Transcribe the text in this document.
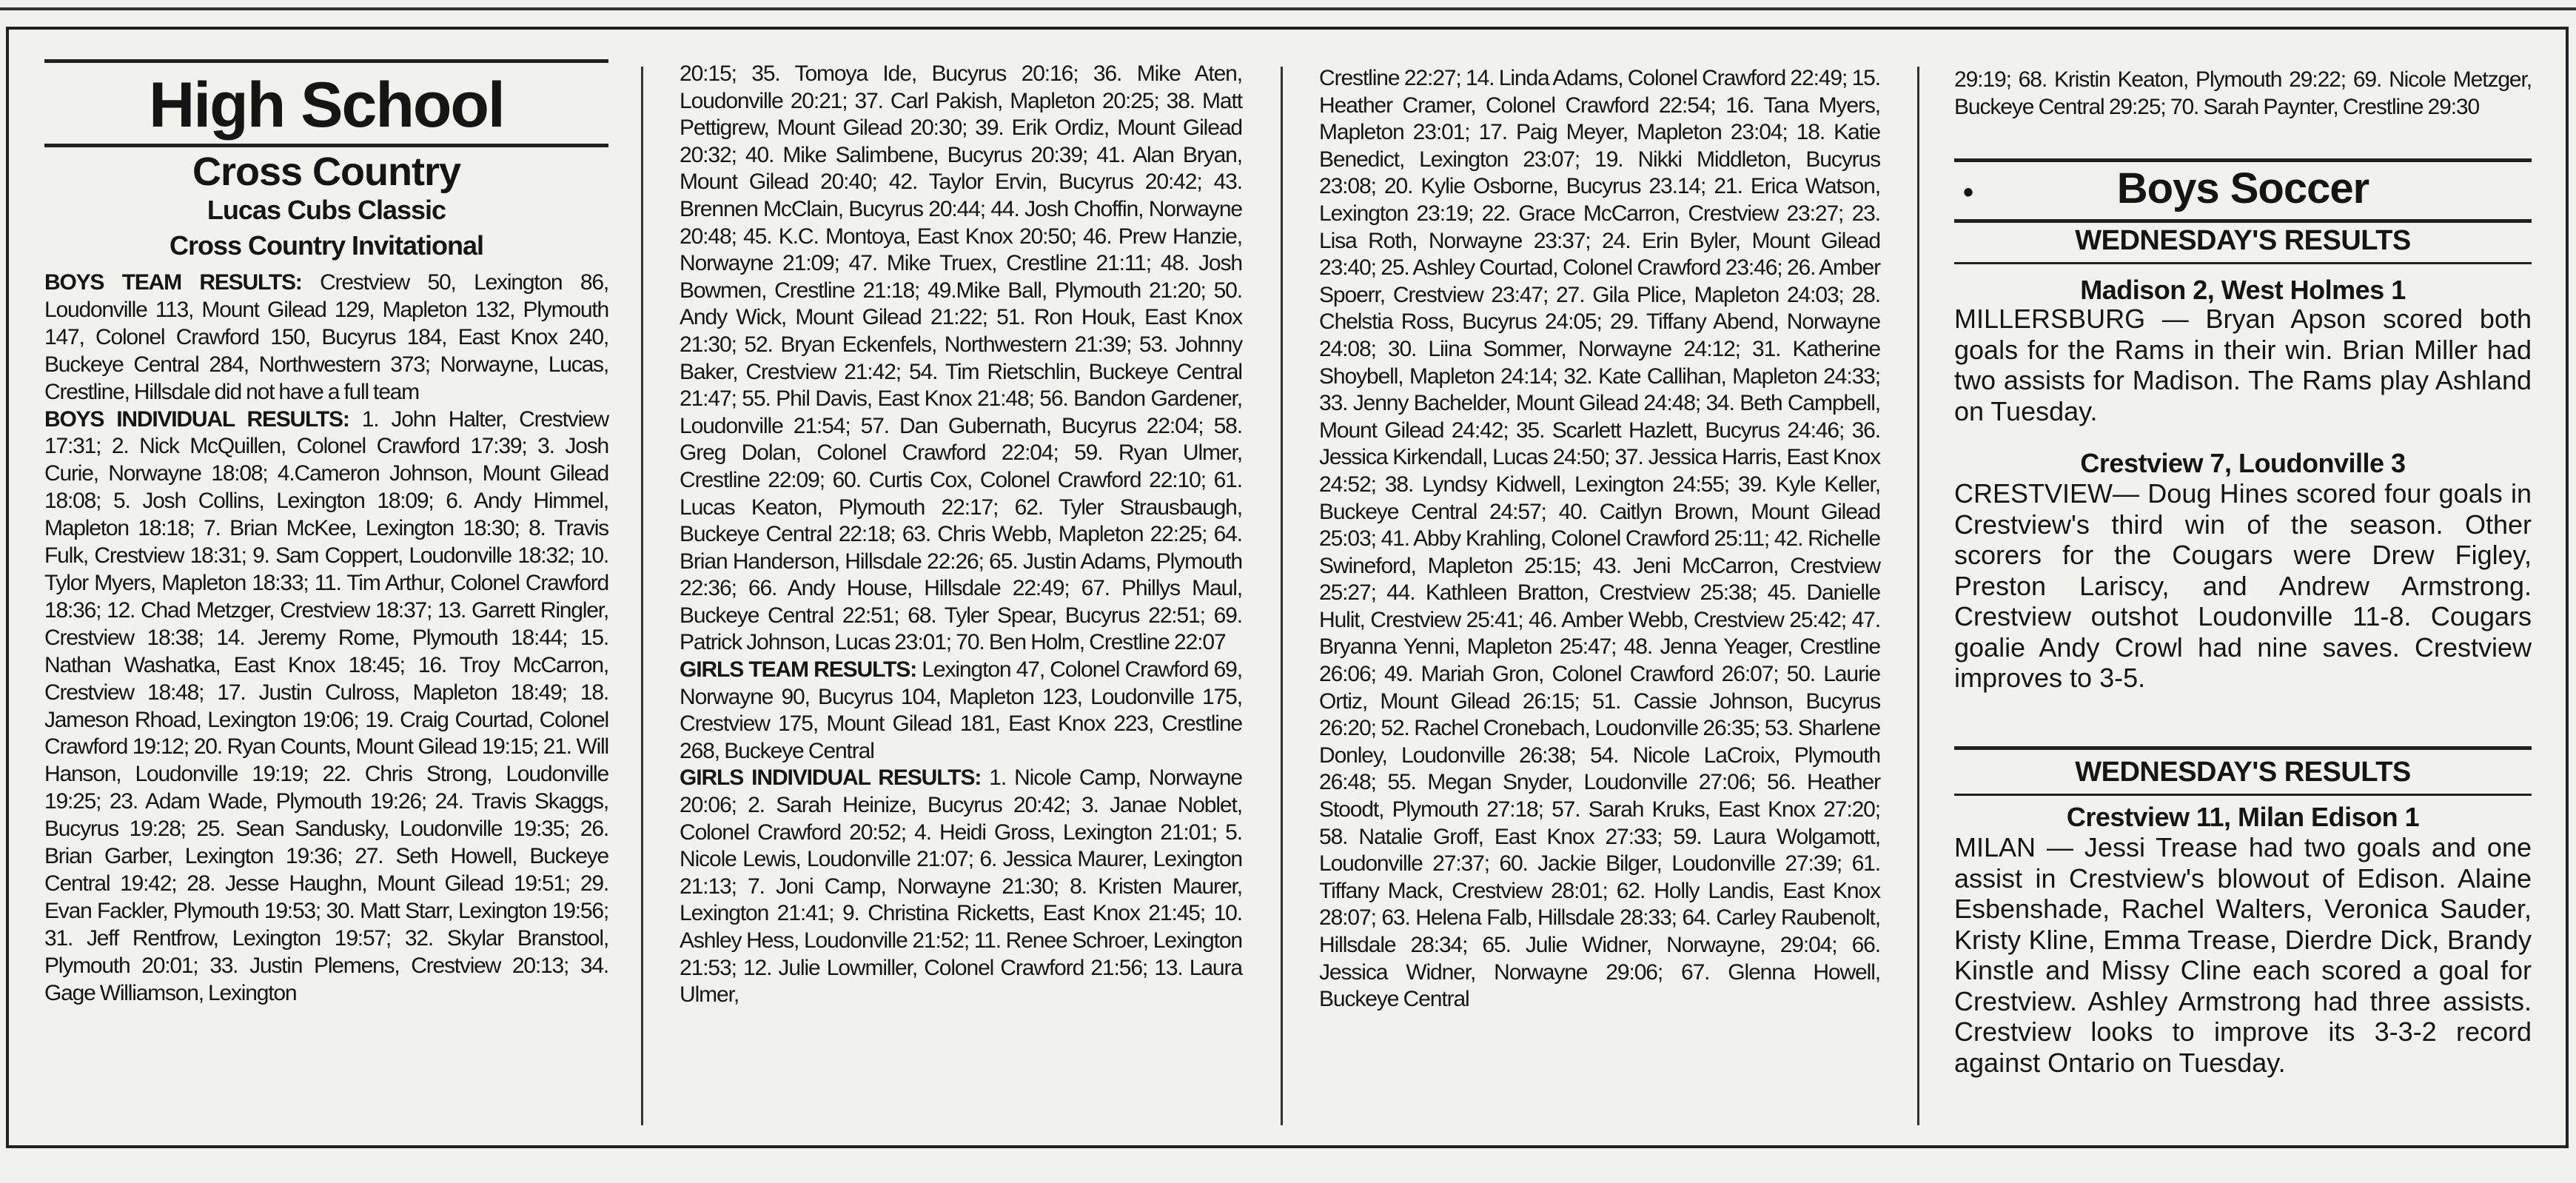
High School
Cross Country
Lucas Cubs Classic
Cross Country Invitational
BOYS TEAM RESULTS: Crestview 50, Lexington 86, Loudonville 113, Mount Gilead 129, Mapleton 132, Plymouth 147, Colonel Crawford 150, Bucyrus 184, East Knox 240, Buckeye Central 284, Northwestern 373; Norwayne, Lucas, Crestline, Hillsdale did not have a full team
BOYS INDIVIDUAL RESULTS: 1. John Halter, Crestview 17:31; 2. Nick McQuillen, Colonel Crawford 17:39; 3. Josh Curie, Norwayne 18:08; 4.Cameron Johnson, Mount Gilead 18:08; 5. Josh Collins, Lexington 18:09; 6. Andy Himmel, Mapleton 18:18; 7. Brian McKee, Lexington 18:30; 8. Travis Fulk, Crestview 18:31; 9. Sam Coppert, Loudonville 18:32; 10. Tylor Myers, Mapleton 18:33; 11. Tim Arthur, Colonel Crawford 18:36; 12. Chad Metzger, Crestview 18:37; 13. Garrett Ringler, Crestview 18:38; 14. Jeremy Rome, Plymouth 18:44; 15. Nathan Washatka, East Knox 18:45; 16. Troy McCarron, Crestview 18:48; 17. Justin Culross, Mapleton 18:49; 18. Jameson Rhoad, Lexington 19:06; 19. Craig Courtad, Colonel Crawford 19:12; 20. Ryan Counts, Mount Gilead 19:15; 21. Will Hanson, Loudonville 19:19; 22. Chris Strong, Loudonville 19:25; 23. Adam Wade, Plymouth 19:26; 24. Travis Skaggs, Bucyrus 19:28; 25. Sean Sandusky, Loudonville 19:35; 26. Brian Garber, Lexington 19:36; 27. Seth Howell, Buckeye Central 19:42; 28. Jesse Haughn, Mount Gilead 19:51; 29. Evan Fackler, Plymouth 19:53; 30. Matt Starr, Lexington 19:56; 31. Jeff Rentfrow, Lexington 19:57; 32. Skylar Branstool, Plymouth 20:01; 33. Justin Plemens, Crestview 20:13; 34. Gage Williamson, Lexington
20:15; 35. Tomoya Ide, Bucyrus 20:16; 36. Mike Aten, Loudonville 20:21; 37. Carl Pakish, Mapleton 20:25; 38. Matt Pettigrew, Mount Gilead 20:30; 39. Erik Ordiz, Mount Gilead 20:32; 40. Mike Salimbene, Bucyrus 20:39; 41. Alan Bryan, Mount Gilead 20:40; 42. Taylor Ervin, Bucyrus 20:42; 43. Brennen McClain, Bucyrus 20:44; 44. Josh Choffin, Norwayne 20:48; 45. K.C. Montoya, East Knox 20:50; 46. Prew Hanzie, Norwayne 21:09; 47. Mike Truex, Crestline 21:11; 48. Josh Bowmen, Crestline 21:18; 49.Mike Ball, Plymouth 21:20; 50. Andy Wick, Mount Gilead 21:22; 51. Ron Houk, East Knox 21:30; 52. Bryan Eckenfels, Northwestern 21:39; 53. Johnny Baker, Crestview 21:42; 54. Tim Rietschlin, Buckeye Central 21:47; 55. Phil Davis, East Knox 21:48; 56. Bandon Gardener, Loudonville 21:54; 57. Dan Gubernath, Bucyrus 22:04; 58. Greg Dolan, Colonel Crawford 22:04; 59. Ryan Ulmer, Crestline 22:09; 60. Curtis Cox, Colonel Crawford 22:10; 61. Lucas Keaton, Plymouth 22:17; 62. Tyler Strausbaugh, Buckeye Central 22:18; 63. Chris Webb, Mapleton 22:25; 64. Brian Handerson, Hillsdale 22:26; 65. Justin Adams, Plymouth 22:36; 66. Andy House, Hillsdale 22:49; 67. Phillys Maul, Buckeye Central 22:51; 68. Tyler Spear, Bucyrus 22:51; 69. Patrick Johnson, Lucas 23:01; 70. Ben Holm, Crestline 22:07
GIRLS TEAM RESULTS: Lexington 47, Colonel Crawford 69, Norwayne 90, Bucyrus 104, Mapleton 123, Loudonville 175, Crestview 175, Mount Gilead 181, East Knox 223, Crestline 268, Buckeye Central
GIRLS INDIVIDUAL RESULTS: 1. Nicole Camp, Norwayne 20:06; 2. Sarah Heinize, Bucyrus 20:42; 3. Janae Noblet, Colonel Crawford 20:52; 4. Heidi Gross, Lexington 21:01; 5. Nicole Lewis, Loudonville 21:07; 6. Jessica Maurer, Lexington 21:13; 7. Joni Camp, Norwayne 21:30; 8. Kristen Maurer, Lexington 21:41; 9. Christina Ricketts, East Knox 21:45; 10. Ashley Hess, Loudonville 21:52; 11. Renee Schroer, Lexington 21:53; 12. Julie Lowmiller, Colonel Crawford 21:56; 13. Laura Ulmer,
Crestline 22:27; 14. Linda Adams, Colonel Crawford 22:49; 15. Heather Cramer, Colonel Crawford 22:54; 16. Tana Myers, Mapleton 23:01; 17. Paig Meyer, Mapleton 23:04; 18. Katie Benedict, Lexington 23:07; 19. Nikki Middleton, Bucyrus 23:08; 20. Kylie Osborne, Bucyrus 23.14; 21. Erica Watson, Lexington 23:19; 22. Grace McCarron, Crestview 23:27; 23. Lisa Roth, Norwayne 23:37; 24. Erin Byler, Mount Gilead 23:40; 25. Ashley Courtad, Colonel Crawford 23:46; 26. Amber Spoerr, Crestview 23:47; 27. Gila Plice, Mapleton 24:03; 28. Chelstia Ross, Bucyrus 24:05; 29. Tiffany Abend, Norwayne 24:08; 30. Liina Sommer, Norwayne 24:12; 31. Katherine Shoybell, Mapleton 24:14; 32. Kate Callihan, Mapleton 24:33; 33. Jenny Bachelder, Mount Gilead 24:48; 34. Beth Campbell, Mount Gilead 24:42; 35. Scarlett Hazlett, Bucyrus 24:46; 36. Jessica Kirkendall, Lucas 24:50; 37. Jessica Harris, East Knox 24:52; 38. Lyndsy Kidwell, Lexington 24:55; 39. Kyle Keller, Buckeye Central 24:57; 40. Caitlyn Brown, Mount Gilead 25:03; 41. Abby Krahling, Colonel Crawford 25:11; 42. Richelle Swineford, Mapleton 25:15; 43. Jeni McCarron, Crestview 25:27; 44. Kathleen Bratton, Crestview 25:38; 45. Danielle Hulit, Crestview 25:41; 46. Amber Webb, Crestview 25:42; 47. Bryanna Yenni, Mapleton 25:47; 48. Jenna Yeager, Crestline 26:06; 49. Mariah Gron, Colonel Crawford 26:07; 50. Laurie Ortiz, Mount Gilead 26:15; 51. Cassie Johnson, Bucyrus 26:20; 52. Rachel Cronebach, Loudonville 26:35; 53. Sharlene Donley, Loudonville 26:38; 54. Nicole LaCroix, Plymouth 26:48; 55. Megan Snyder, Loudonville 27:06; 56. Heather Stoodt, Plymouth 27:18; 57. Sarah Kruks, East Knox 27:20; 58. Natalie Groff, East Knox 27:33; 59. Laura Wolgamott, Loudonville 27:37; 60. Jackie Bilger, Loudonville 27:39; 61. Tiffany Mack, Crestview 28:01; 62. Holly Landis, East Knox 28:07; 63. Helena Falb, Hillsdale 28:33; 64. Carley Raubenolt, Hillsdale 28:34; 65. Julie Widner, Norwayne, 29:04; 66. Jessica Widner, Norwayne 29:06; 67. Glenna Howell, Buckeye Central
29:19; 68. Kristin Keaton, Plymouth 29:22; 69. Nicole Metzger, Buckeye Central 29:25; 70. Sarah Paynter, Crestline 29:30
•	Boys Soccer
WEDNESDAY'S RESULTS
Madison 2, West Holmes 1
MILLERSBURG — Bryan Apson scored both goals for the Rams in their win. Brian Miller had two assists for Madison. The Rams play Ashland on Tuesday.
Crestview 7, Loudonville 3
CRESTVIEW— Doug Hines scored four goals in Crestview's third win of the season. Other scorers for the Cougars were Drew Figley, Preston Lariscy, and Andrew Armstrong. Crestview outshot Loudonville 11-8. Cougars goalie Andy Crowl had nine saves. Crestview improves to 3-5.
WEDNESDAY'S RESULTS
Crestview 11, Milan Edison 1
MILAN — Jessi Trease had two goals and one assist in Crestview's blowout of Edison. Alaine Esbenshade, Rachel Walters, Veronica Sauder, Kristy Kline, Emma Trease, Dierdre Dick, Brandy Kinstle and Missy Cline each scored a goal for Crestview. Ashley Armstrong had three assists. Crestview looks to improve its 3-3-2 record against Ontario on Tuesday.
